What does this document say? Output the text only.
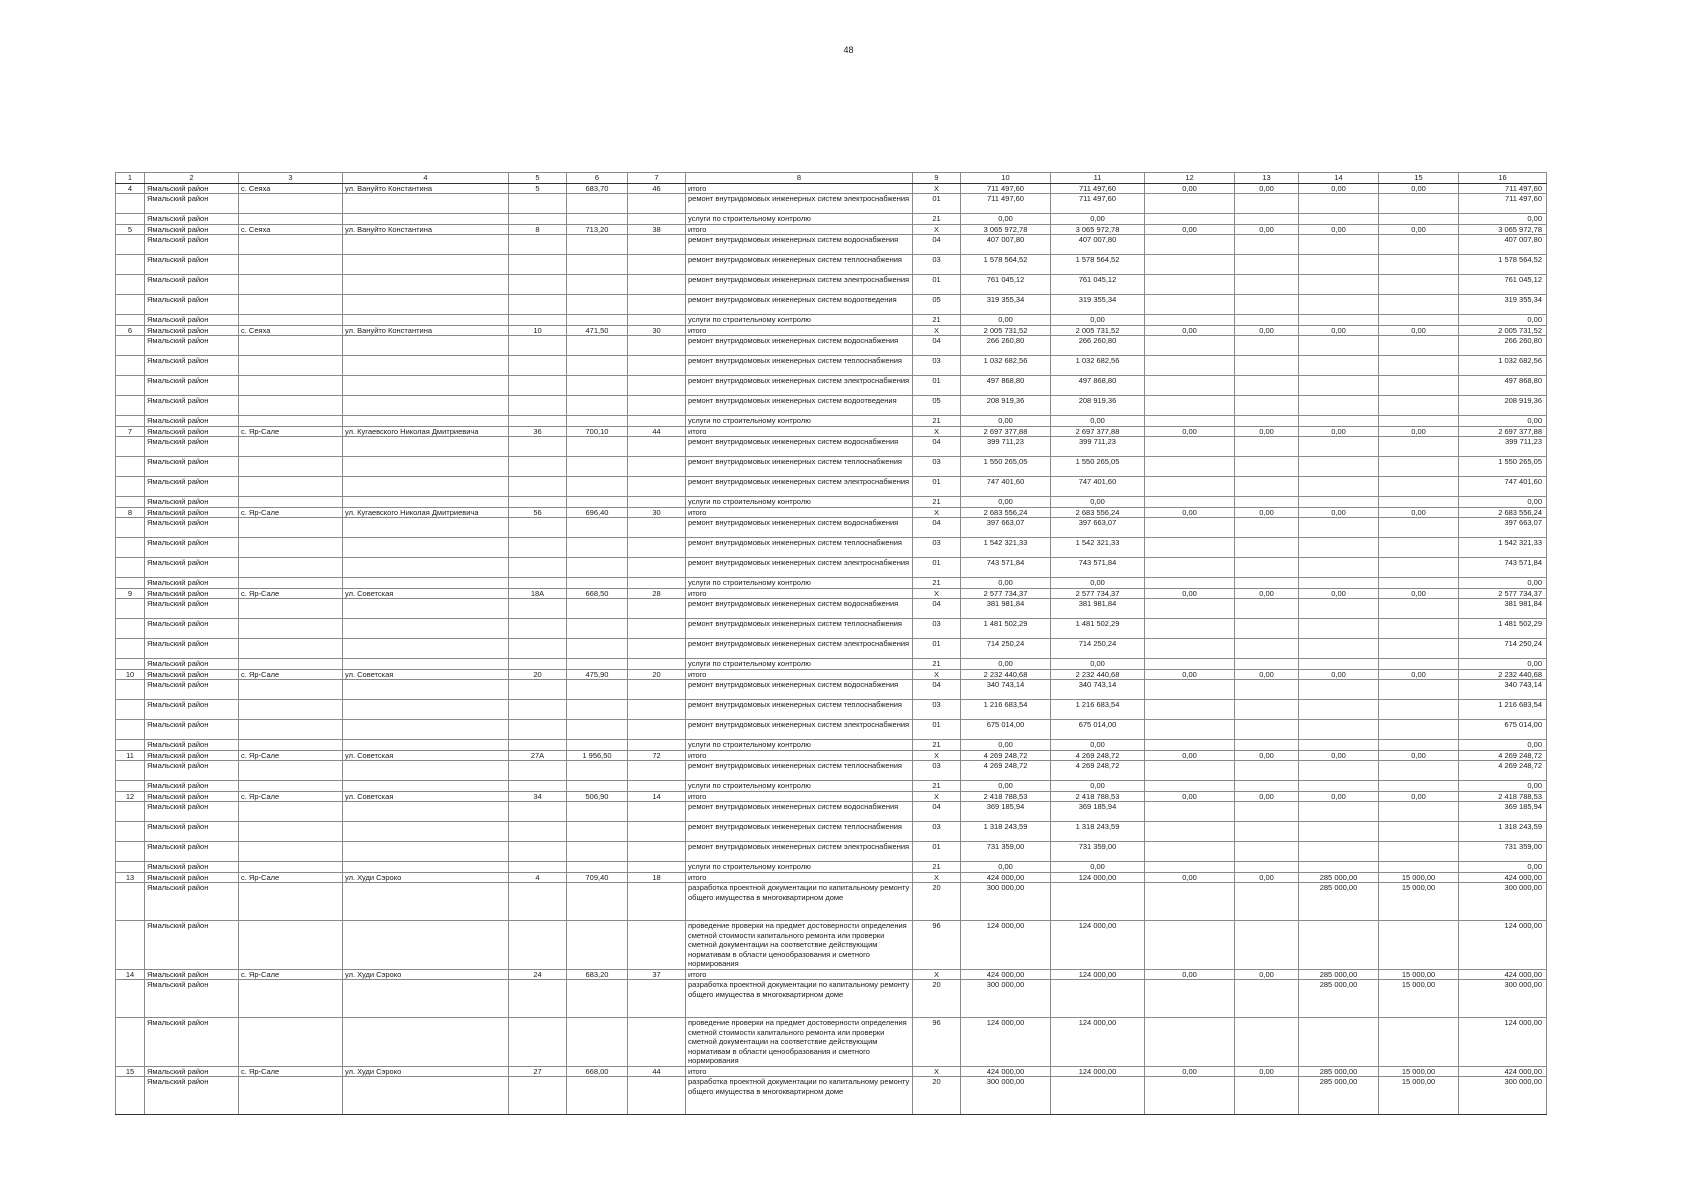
48
1	2	3	4	5	6	7	8	9	10	11	12	13	14	15	16
4	Ямальский район	с. Сеяха	ул. Вануйто Константина	5	683,70	46	итого	X	711 497,60	711 497,60	0,00	0,00	0,00	0,00	711 497,60
	Ямальский район						ремонт внутридомовых инженерных систем электроснабжения	01	711 497,60	711 497,60					711 497,60
	Ямальский район						услуги по строительному контролю	21	0,00	0,00					0,00
5	Ямальский район	с. Сеяха	ул. Вануйто Константина	8	713,20	38	итого	X	3 065 972,78	3 065 972,78	0,00	0,00	0,00	0,00	3 065 972,78
	Ямальский район						ремонт внутридомовых инженерных систем водоснабжения	04	407 007,80	407 007,80					407 007,80
	Ямальский район						ремонт внутридомовых инженерных систем теплоснабжения	03	1 578 564,52	1 578 564,52					1 578 564,52
	Ямальский район						ремонт внутридомовых инженерных систем электроснабжения	01	761 045,12	761 045,12					761 045,12
	Ямальский район						ремонт внутридомовых инженерных систем водоотведения	05	319 355,34	319 355,34					319 355,34
	Ямальский район						услуги по строительному контролю	21	0,00	0,00					0,00
6	Ямальский район	с. Сеяха	ул. Вануйто Константина	10	471,50	30	итого	X	2 005 731,52	2 005 731,52	0,00	0,00	0,00	0,00	2 005 731,52
	Ямальский район						ремонт внутридомовых инженерных систем водоснабжения	04	266 260,80	266 260,80					266 260,80
	Ямальский район						ремонт внутридомовых инженерных систем теплоснабжения	03	1 032 682,56	1 032 682,56					1 032 682,56
	Ямальский район						ремонт внутридомовых инженерных систем электроснабжения	01	497 868,80	497 868,80					497 868,80
	Ямальский район						ремонт внутридомовых инженерных систем водоотведения	05	208 919,36	208 919,36					208 919,36
	Ямальский район						услуги по строительному контролю	21	0,00	0,00					0,00
7	Ямальский район	с. Яр-Сале	ул. Кугаевского Николая Дмитриевича	36	700,10	44	итого	X	2 697 377,88	2 697 377,88	0,00	0,00	0,00	0,00	2 697 377,88
	Ямальский район						ремонт внутридомовых инженерных систем водоснабжения	04	399 711,23	399 711,23					399 711,23
	Ямальский район						ремонт внутридомовых инженерных систем теплоснабжения	03	1 550 265,05	1 550 265,05					1 550 265,05
	Ямальский район						ремонт внутридомовых инженерных систем электроснабжения	01	747 401,60	747 401,60					747 401,60
	Ямальский район						услуги по строительному контролю	21	0,00	0,00					0,00
8	Ямальский район	с. Яр-Сале	ул. Кугаевского Николая Дмитриевича	56	696,40	30	итого	X	2 683 556,24	2 683 556,24	0,00	0,00	0,00	0,00	2 683 556,24
	Ямальский район						ремонт внутридомовых инженерных систем водоснабжения	04	397 663,07	397 663,07					397 663,07
	Ямальский район						ремонт внутридомовых инженерных систем теплоснабжения	03	1 542 321,33	1 542 321,33					1 542 321,33
	Ямальский район						ремонт внутридомовых инженерных систем электроснабжения	01	743 571,84	743 571,84					743 571,84
	Ямальский район						услуги по строительному контролю	21	0,00	0,00					0,00
9	Ямальский район	с. Яр-Сале	ул. Советская	18А	668,50	28	итого	X	2 577 734,37	2 577 734,37	0,00	0,00	0,00	0,00	2 577 734,37
	Ямальский район						ремонт внутридомовых инженерных систем водоснабжения	04	381 981,84	381 981,84					381 981,84
	Ямальский район						ремонт внутридомовых инженерных систем теплоснабжения	03	1 481 502,29	1 481 502,29					1 481 502,29
	Ямальский район						ремонт внутридомовых инженерных систем электроснабжения	01	714 250,24	714 250,24					714 250,24
	Ямальский район						услуги по строительному контролю	21	0,00	0,00					0,00
10	Ямальский район	с. Яр-Сале	ул. Советская	20	475,90	20	итого	X	2 232 440,68	2 232 440,68	0,00	0,00	0,00	0,00	2 232 440,68
	Ямальский район						ремонт внутридомовых инженерных систем водоснабжения	04	340 743,14	340 743,14					340 743,14
	Ямальский район						ремонт внутридомовых инженерных систем теплоснабжения	03	1 216 683,54	1 216 683,54					1 216 683,54
	Ямальский район						ремонт внутридомовых инженерных систем электроснабжения	01	675 014,00	675 014,00					675 014,00
	Ямальский район						услуги по строительному контролю	21	0,00	0,00					0,00
11	Ямальский район	с. Яр-Сале	ул. Советская	27А	1 956,50	72	итого	X	4 269 248,72	4 269 248,72	0,00	0,00	0,00	0,00	4 269 248,72
	Ямальский район						ремонт внутридомовых инженерных систем теплоснабжения	03	4 269 248,72	4 269 248,72					4 269 248,72
	Ямальский район						услуги по строительному контролю	21	0,00	0,00					0,00
12	Ямальский район	с. Яр-Сале	ул. Советская	34	506,90	14	итого	X	2 418 788,53	2 418 788,53	0,00	0,00	0,00	0,00	2 418 788,53
	Ямальский район						ремонт внутридомовых инженерных систем водоснабжения	04	369 185,94	369 185,94					369 185,94
	Ямальский район						ремонт внутридомовых инженерных систем теплоснабжения	03	1 318 243,59	1 318 243,59					1 318 243,59
	Ямальский район						ремонт внутридомовых инженерных систем электроснабжения	01	731 359,00	731 359,00					731 359,00
	Ямальский район						услуги по строительному контролю	21	0,00	0,00					0,00
13	Ямальский район	с. Яр-Сале	ул. Худи Сэроко	4	709,40	18	итого	X	424 000,00	124 000,00	0,00	0,00	285 000,00	15 000,00	424 000,00
	Ямальский район						разработка проектной документации по капитальному ремонту общего имущества в многоквартирном доме	20	300 000,00				285 000,00	15 000,00	300 000,00
	Ямальский район						проведение проверки на предмет достоверности определения сметной стоимости капитального ремонта или проверки сметной документации на соответствие действующим нормативам в области ценообразования и сметного нормирования	96	124 000,00	124 000,00					124 000,00
14	Ямальский район	с. Яр-Сале	ул. Худи Сэроко	24	683,20	37	итого	X	424 000,00	124 000,00	0,00	0,00	285 000,00	15 000,00	424 000,00
	Ямальский район						разработка проектной документации по капитальному ремонту общего имущества в многоквартирном доме	20	300 000,00				285 000,00	15 000,00	300 000,00
	Ямальский район						проведение проверки на предмет достоверности определения сметной стоимости капитального ремонта или проверки сметной документации на соответствие действующим нормативам в области ценообразования и сметного нормирования	96	124 000,00	124 000,00					124 000,00
15	Ямальский район	с. Яр-Сале	ул. Худи Сэроко	27	668,00	44	итого	X	424 000,00	124 000,00	0,00	0,00	285 000,00	15 000,00	424 000,00
	Ямальский район						разработка проектной документации по капитальному ремонту общего имущества в многоквартирном доме	20	300 000,00				285 000,00	15 000,00	300 000,00
